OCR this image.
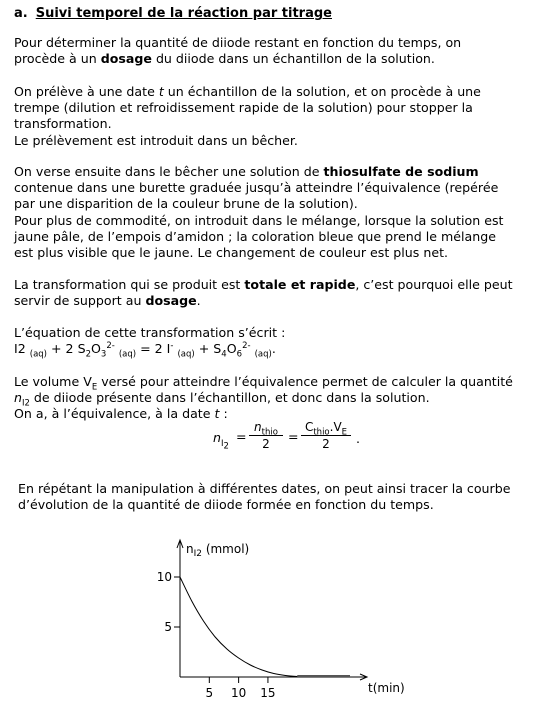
a. Suivi temporel de la réaction par titrage
Pour déterminer la quantité de diiode restant en fonction du temps, on
procède à un dosage du diiode dans un échantillon de la solution.
On prélève à une date t un échantillon de la solution, et on procède à une
trempe (dilution et refroidissement rapide de la solution) pour stopper la
transformation.
Le prélèvement est introduit dans un bêcher.
On verse ensuite dans le bêcher une solution de thiosulfate de sodium
contenue dans une burette graduée jusqu’à atteindre l’équivalence (repérée
par une disparition de la couleur brune de la solution).
Pour plus de commodité, on introduit dans le mélange, lorsque la solution est
jaune pâle, de l’empois d’amidon ; la coloration bleue que prend le mélange
est plus visible que le jaune. Le changement de couleur est plus net.
La transformation qui se produit est totale et rapide, c’est pourquoi elle peut
servir de support au dosage.
L’équation de cette transformation s’écrit :
I2 $_{(aq)}$ + 2 $S_2O_3^{2-}$ $_{(aq)}$ = 2 I- $_{(aq)} + S_4O_6^{2-}$ $_{(aq)}$.
Le volume $V_E$ versé pour atteindre l’équivalence permet de calculer la quantité
$n_{I2}$ de diiode présente dans l’échantillon, et donc dans la solution.
On a, à l’équivalence, à la date t :
$n_{I_2}$
=
$n_{thio}$
2	=
$C_{thio}.V_E$
2	.
En répétant la manipulation à différentes dates, on peut ainsi tracer la courbe
d’évolution de la quantité de diiode formée en fonction du temps.
5 10 15
5
10
$n_{I2}$ (mmol)
t(min)
